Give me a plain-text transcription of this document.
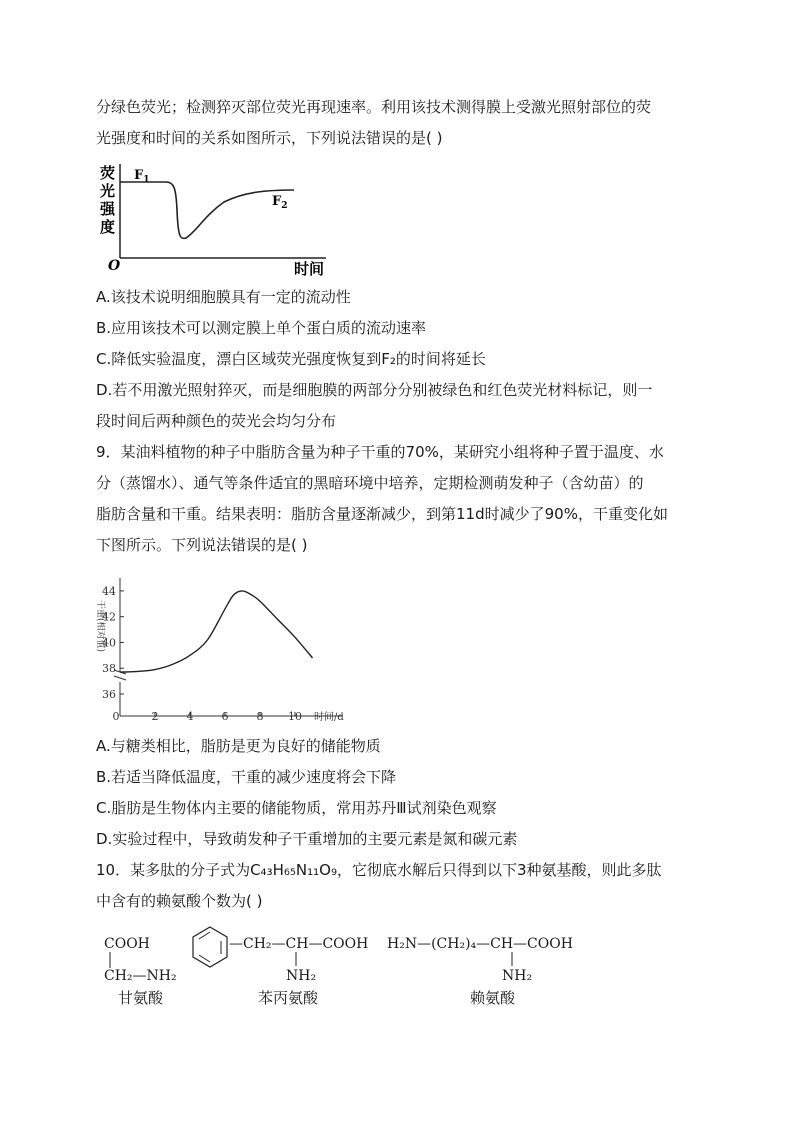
分绿色荧光；检测猝灭部位荧光再现速率。利用该技术测得膜上受激光照射部位的荧
光强度和时间的关系如图所示，下列说法错误的是( )
荧
光
强
度
O	时间
$F_1$
$F_2$
A.该技术说明细胞膜具有一定的流动性
B.应用该技术可以测定膜上单个蛋白质的流动速率
C.降低实验温度，漂白区域荧光强度恢复到F₂的时间将延长
D.若不用激光照射猝灭，而是细胞膜的两部分分别被绿色和红色荧光材料标记，则一
段时间后两种颜色的荧光会均匀分布
9．某油料植物的种子中脂肪含量为种子干重的70%，某研究小组将种子置于温度、水
分（蒸馏水）、通气等条件适宜的黑暗环境中培养，定期检测萌发种子（含幼苗）的
脂肪含量和干重。结果表明：脂肪含量逐渐减少，到第11d时减少了90%，干重变化如
下图所示。下列说法错误的是( )
干重(相对值)
时间/d
36
38
40
42
44
0	2	4	6	8 10
A.与糖类相比，脂肪是更为良好的储能物质
B.若适当降低温度，干重的减少速度将会下降
C.脂肪是生物体内主要的储能物质，常用苏丹Ⅲ试剂染色观察
D.实验过程中，导致萌发种子干重增加的主要元素是氮和碳元素
10．某多肽的分子式为C₄₃H₆₅N₁₁O₉，它彻底水解后只得到以下3种氨基酸，则此多肽
中含有的赖氨酸个数为( )
COOH
CH₂—NH₂
甘氨酸
—CH₂—CH—COOH
NH₂
苯丙氨酸
H₂N—(CH₂)₄—CH—COOH
NH₂
赖氨酸
